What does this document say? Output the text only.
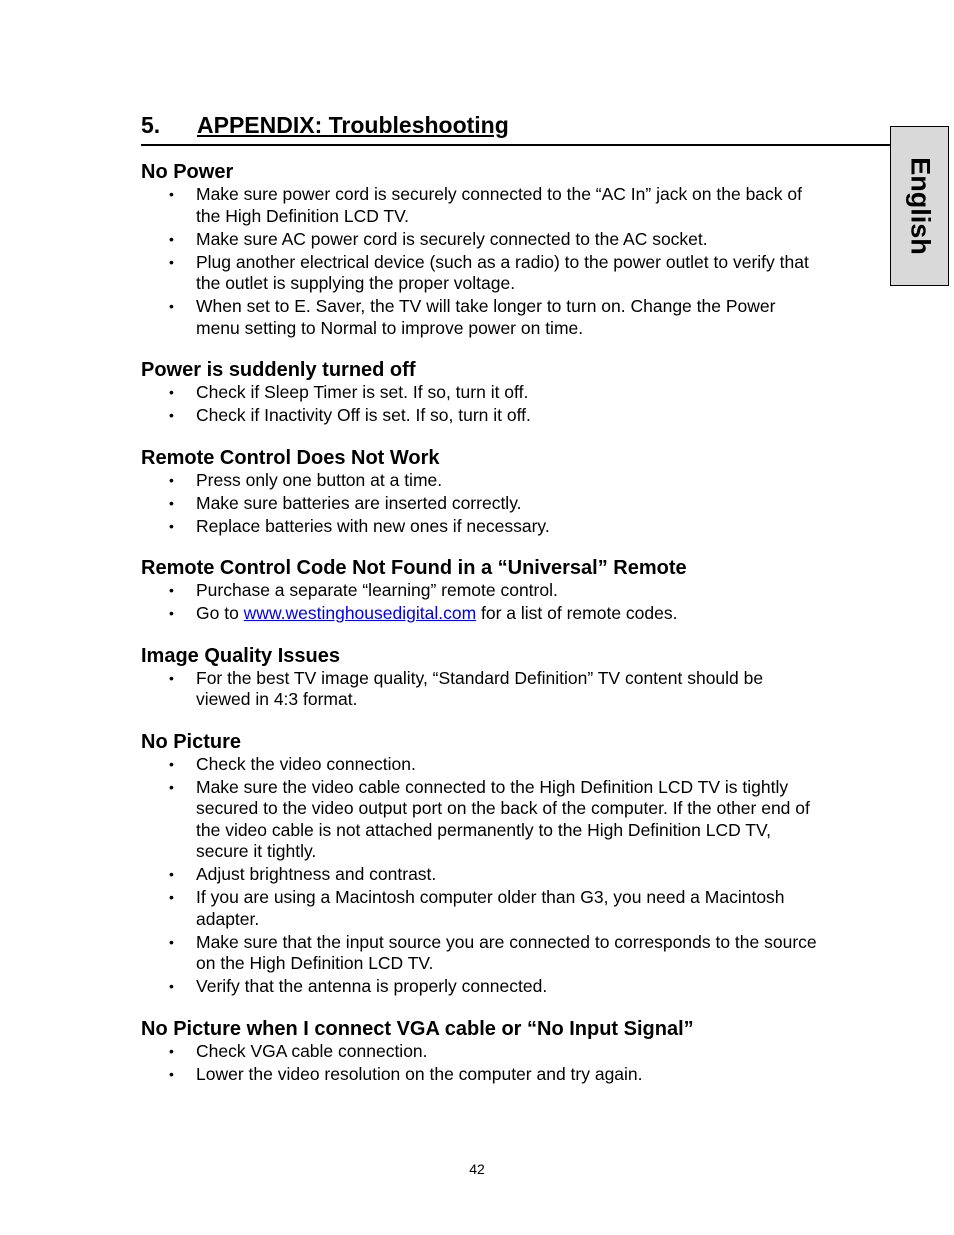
5. APPENDIX: Troubleshooting
English
No Power
• Make sure power cord is securely connected to the “AC In” jack on the back of the High Definition LCD TV.
• Make sure AC power cord is securely connected to the AC socket.
• Plug another electrical device (such as a radio) to the power outlet to verify that the outlet is supplying the proper voltage.
• When set to E. Saver, the TV will take longer to turn on. Change the Power menu setting to Normal to improve power on time.
Power is suddenly turned off
• Check if Sleep Timer is set. If so, turn it off.
• Check if Inactivity Off is set. If so, turn it off.
Remote Control Does Not Work
• Press only one button at a time.
• Make sure batteries are inserted correctly.
• Replace batteries with new ones if necessary.
Remote Control Code Not Found in a “Universal” Remote
• Purchase a separate “learning” remote control.
• Go to www.westinghousedigital.com for a list of remote codes.
Image Quality Issues
• For the best TV image quality, “Standard Definition” TV content should be viewed in 4:3 format.
No Picture
• Check the video connection.
• Make sure the video cable connected to the High Definition LCD TV is tightly secured to the video output port on the back of the computer. If the other end of the video cable is not attached permanently to the High Definition LCD TV, secure it tightly.
• Adjust brightness and contrast.
• If you are using a Macintosh computer older than G3, you need a Macintosh adapter.
• Make sure that the input source you are connected to corresponds to the source on the High Definition LCD TV.
• Verify that the antenna is properly connected.
No Picture when I connect VGA cable or “No Input Signal”
• Check VGA cable connection.
• Lower the video resolution on the computer and try again.
42
